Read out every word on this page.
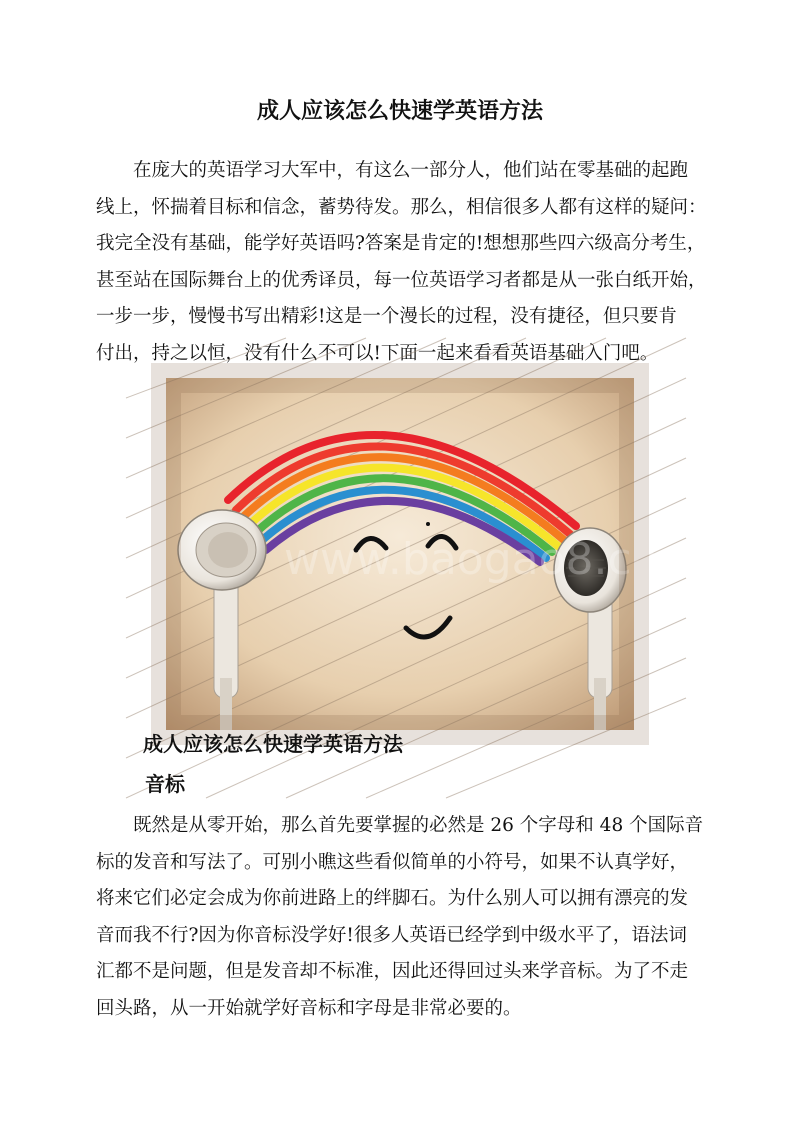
成人应该怎么快速学英语方法
在庞大的英语学习大军中，有这么一部分人，他们站在零基础的起跑
线上，怀揣着目标和信念，蓄势待发。那么，相信很多人都有这样的疑问：
我完全没有基础，能学好英语吗?答案是肯定的!想想那些四六级高分考生，
甚至站在国际舞台上的优秀译员，每一位英语学习者都是从一张白纸开始，
一步一步，慢慢书写出精彩!这是一个漫长的过程，没有捷径，但只要肯
付出，持之以恒，没有什么不可以!下面一起来看看英语基础入门吧。
www.baogao8.com
成人应该怎么快速学英语方法
音标
既然是从零开始，那么首先要掌握的必然是 26 个字母和 48 个国际音
标的发音和写法了。可别小瞧这些看似简单的小符号，如果不认真学好，
将来它们必定会成为你前进路上的绊脚石。为什么别人可以拥有漂亮的发
音而我不行?因为你音标没学好!很多人英语已经学到中级水平了，语法词
汇都不是问题，但是发音却不标准，因此还得回过头来学音标。为了不走
回头路，从一开始就学好音标和字母是非常必要的。
